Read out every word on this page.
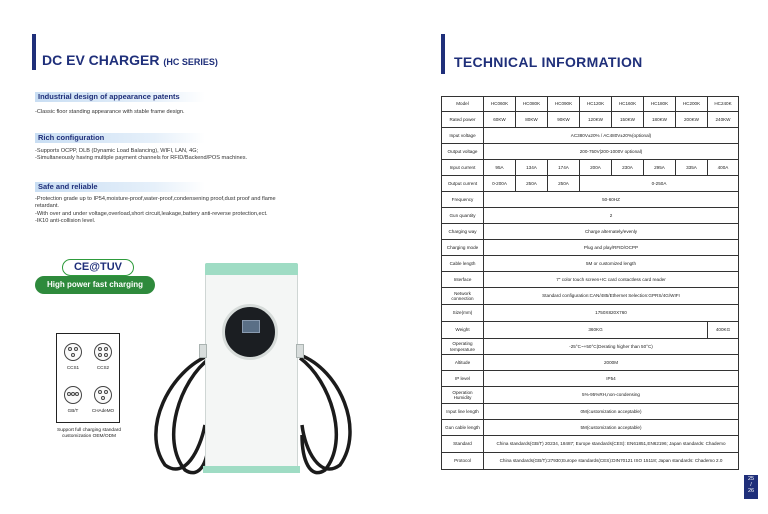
DC EV CHARGER (HC SERIES)
Industrial design of appearance patents
-Classic floor standing appearance with stable frame design.
Rich configuration
-Supports OCPP, DLB (Dynamic Load Balancing), WIFI, LAN, 4G;
-Simultaneously having multiple payment channels for RFID/Backend/POS machines.
Safe and reliable
-Protection grade up to IP54,moisture-proof,water-proof,condensening proof,dust proof and flame retardant.
-With over and under voltage,overload,short circuit,leakage,battery anti-reverse protection,ect.
-IK10 anti-collision level.
CE@TUV
High power fast charging
CCS1	CCS2
GB/T	CHAdeMO
Support full charging standard customization OEM/ODM
TECHNICAL INFORMATION
Model	HC060K	HC080K	HC090K	HC120K	HC160K	HC180K	HC200K	HC240K
Rated power	60KW	80KW	90KW	120KW	150KW	180KW	200KW	240KW
Input voltage	AC380V±20% / AC480V±20%(optional)							
Output voltage	200-750V|200-1000V optional)							
Input current	95A	134A	174A	200A	230A	295A	335A	400A
Output current	0-200A	250A	250A	0-250A				
Frequency	50-60HZ							
Gun quantity	2							
Charging way	Charge alternately/evenly							
Charging mode	Plug and play/RFID/OCPP							
Cable length	5M or customized length							
Interface	7" color touch screen+IC card contactless card reader							
Network connection	Standard configuration:CAN/485/Ethernet Selection:GPRS/4G/WIFI							
Size(mm)	1750X820X760							
Weight	360KG							400KG
Operating temperature	-25°C~+50°C(Derating higher than 50°C)							
Altitude	2000M							
IP level	IP54							
Operation Humidity	5%-95%RH,non-condensing							
Input line length	0M(customization acceptable)							
Gun cable length	5M(customization acceptable)							
Standard	China standards(GB/T) 20234, 18487; Europe standards(CES): EN61851,EN62196; Japan standards: Chademo							
Protocol	China standards(GB/T):27930;Europe standards(CES):DIN70121 ISO 15118; Japan standards: Chademo 2.0							
25
/
26
